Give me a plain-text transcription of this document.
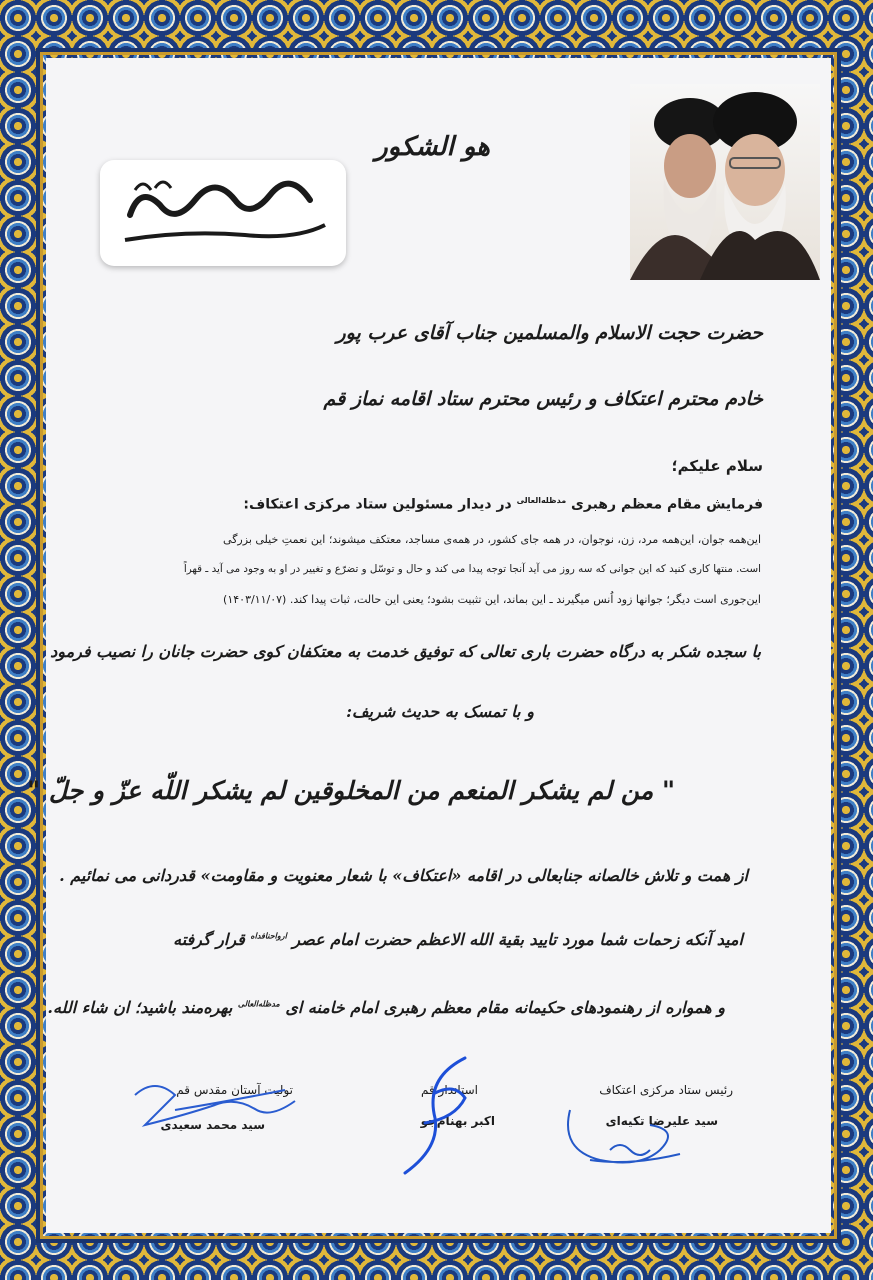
هو الشکور
حضرت حجت الاسلام والمسلمین جناب آقای عرب پور
خادم محترم اعتکاف و رئیس محترم ستاد اقامه نماز قم
سلام علیکم؛
فرمایش مقام معظم رهبری $^{مدظله‌العالی}$ در دیدار مسئولین ستاد مرکزی اعتکاف:
این‌همه جوان، این‌همه مرد، زن، نوجوان، در همه جای کشور، در همه‌ی مساجد، معتکف میشوند؛ این نعمتِ خیلی بزرگی
است. منتها کاری کنید که این جوانی که سه روز می آید آنجا توجه پیدا می کند و حال و توسّل و تضرّع و تغییر در او به وجود می آید ـ قهراً
این‌جوری است دیگر؛ جوانها زود اُنس میگیرند ـ این بماند، این تثبیت بشود؛ یعنی این حالت، ثبات پیدا کند. (۱۴۰۳/۱۱/۰۷)
با سجده شکر به درگاه حضرت باری تعالی که توفیق خدمت به معتکفان کوی حضرت جانان را نصیب فرمود
و با تمسک به حدیث شریف:
" من لم یشکر المنعم من المخلوقین لم یشکر اللّه عزّ و جلّ "
از همت و تلاش خالصانه جنابعالی در اقامه «اعتکاف» با شعار معنویت و مقاومت» قدردانی می نمائیم .
امید آنکه زحمات شما مورد تایید بقیة الله الاعظم حضرت امام عصر $^{ارواحنافداه}$ قرار گرفته
و همواره از رهنمودهای حکیمانه مقام معظم رهبری امام خامنه ای $^{مدظله‌العالی}$ بهره‌مند باشید؛ ان شاء الله.
رئیس ستاد مرکزی اعتکاف
سید علیرضا تکیه‌ای
استاندار قم
اکبر بهنام‌جو
تولیت آستان مقدس قم
سید محمد سعیدی
